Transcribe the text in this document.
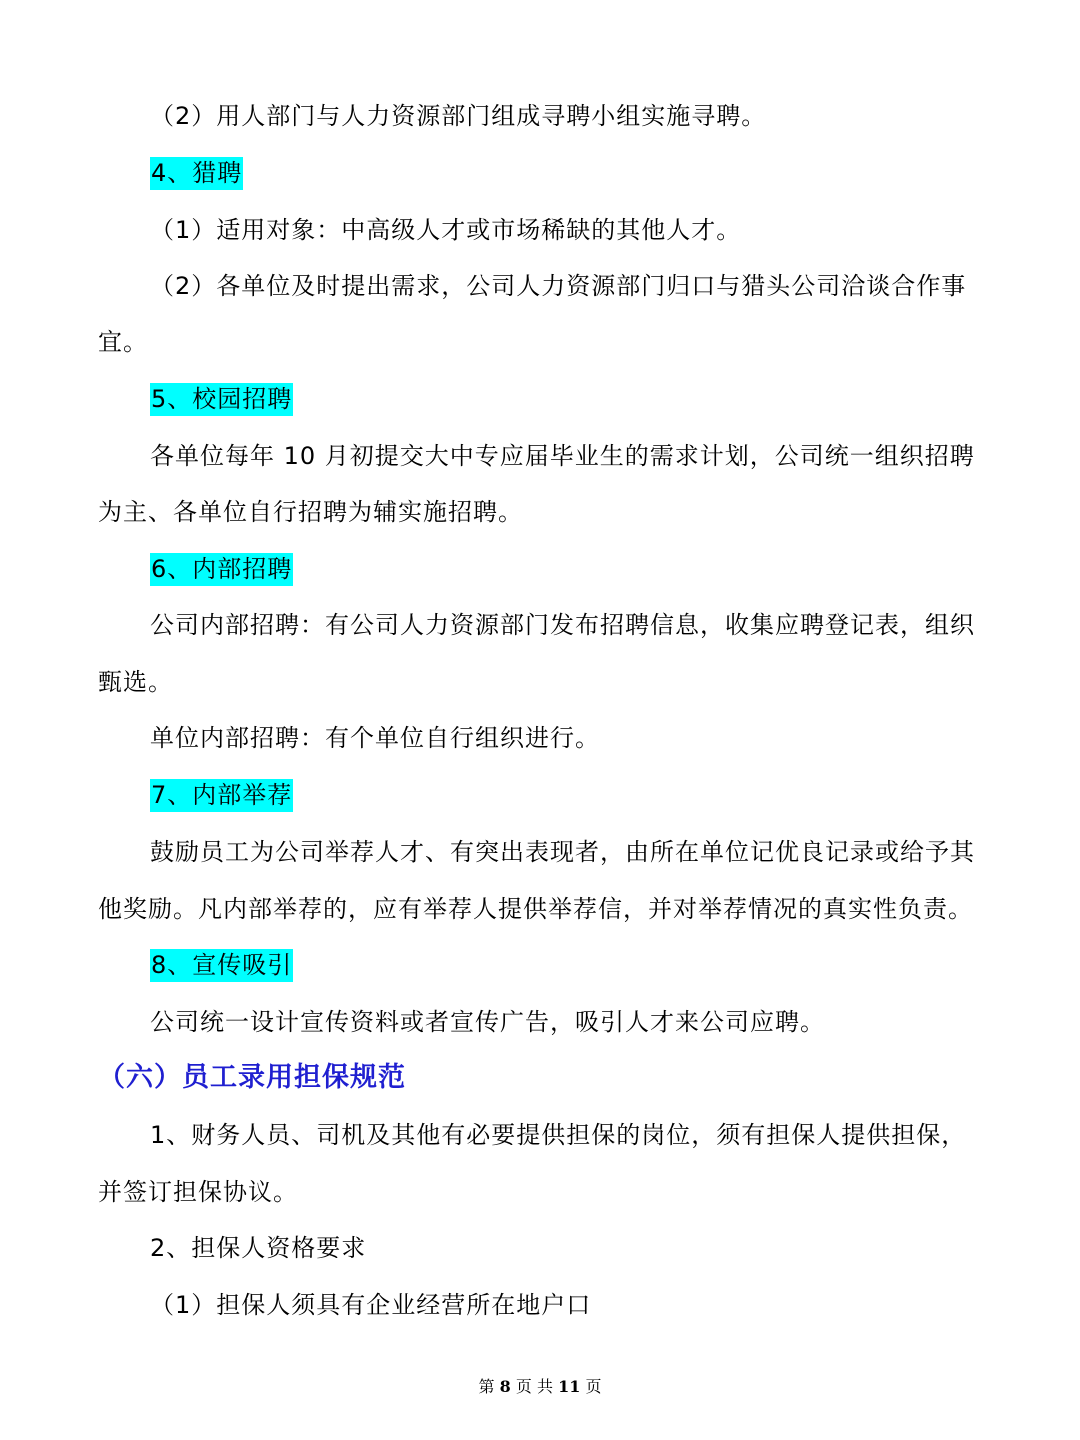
（2）用人部门与人力资源部门组成寻聘小组实施寻聘。
4、猎聘
（1）适用对象：中高级人才或市场稀缺的其他人才。
（2）各单位及时提出需求，公司人力资源部门归口与猎头公司洽谈合作事
宜。
5、校园招聘
各单位每年 10 月初提交大中专应届毕业生的需求计划，公司统一组织招聘
为主、各单位自行招聘为辅实施招聘。
6、内部招聘
公司内部招聘：有公司人力资源部门发布招聘信息，收集应聘登记表，组织
甄选。
单位内部招聘：有个单位自行组织进行。
7、内部举荐
鼓励员工为公司举荐人才、有突出表现者，由所在单位记优良记录或给予其
他奖励。凡内部举荐的，应有举荐人提供举荐信，并对举荐情况的真实性负责。
8、宣传吸引
公司统一设计宣传资料或者宣传广告，吸引人才来公司应聘。
（六）员工录用担保规范
1、财务人员、司机及其他有必要提供担保的岗位，须有担保人提供担保，
并签订担保协议。
2、担保人资格要求
（1）担保人须具有企业经营所在地户口
第 8 页 共 11 页
